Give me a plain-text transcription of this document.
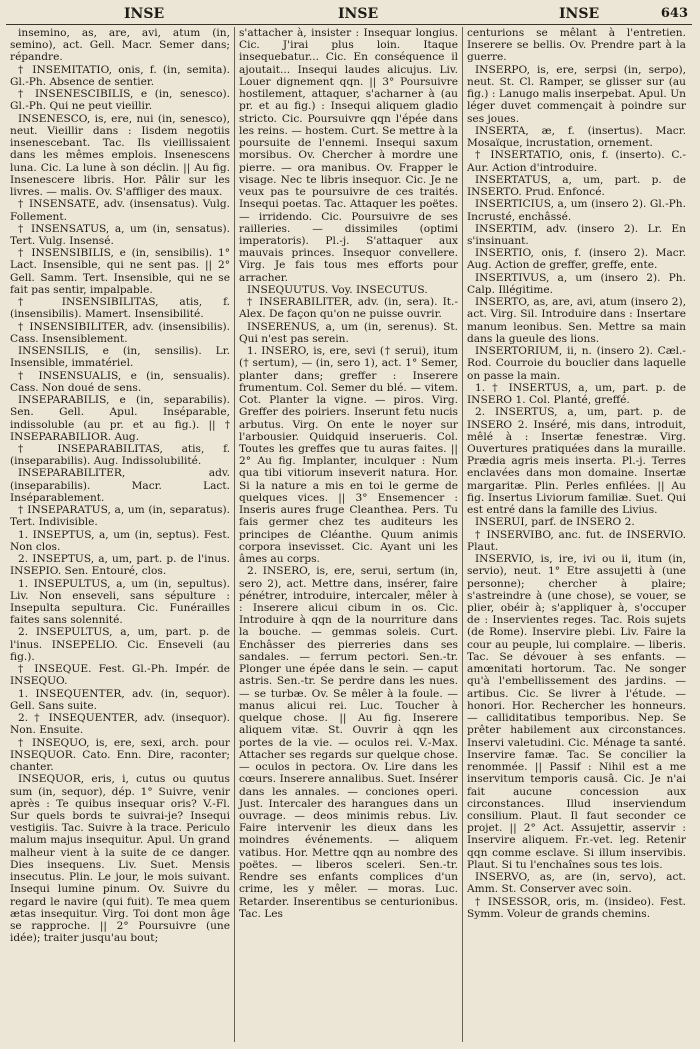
INSE	INSE	INSE	643

insemino, as, are, avi, atum (in, semino), act. Gell. Macr. Semer dans; répandre.

† INSEMITATIO, onis, f. (in, semita). Gl.-Ph. Absence de sentier.

† INSENESCIBILIS, e (in, senesco). Gl.-Ph. Qui ne peut vieillir.

INSENESCO, is, ere, nui (in, senesco), neut. Vieillir dans : Iisdem negotiis insenescebant. Tac. Ils vieillissaient dans les mêmes emplois. Insenescens luna. Cic. La lune à son déclin. || Au fig. Insenescere libris. Hor. Pâlir sur les livres. — malis. Ov. S'affliger des maux.

† INSENSATE, adv. (insensatus). Vulg. Follement.

† INSENSATUS, a, um (in, sensatus). Tert. Vulg. Insensé.

† INSENSIBILIS, e (in, sensibilis). 1° Lact. Insensible, qui ne sent pas. || 2° Gell. Samm. Tert. Insensible, qui ne se fait pas sentir, impalpable.

† INSENSIBILITAS, atis, f. (insensibilis). Mamert. Insensibilité.

† INSENSIBILITER, adv. (insensibilis). Cass. Insensiblement.

INSENSILIS, e (in, sensilis). Lr. Insensible, immatériel.

† INSENSUALIS, e (in, sensualis). Cass. Non doué de sens.

INSEPARABILIS, e (in, separabilis). Sen. Gell. Apul. Inséparable, indissoluble (au pr. et au fig.). || † INSEPARABILIOR. Aug.

† INSEPARABILITAS, atis, f. (inseparabilis). Aug. Indissolubilité.

INSEPARABILITER, adv. (inseparabilis). Macr. Lact. Inséparablement.

† INSEPARATUS, a, um (in, separatus). Tert. Indivisible.

1. INSEPTUS, a, um (in, septus). Fest. Non clos.

2. INSEPTUS, a, um, part. p. de l'inus. INSEPIO. Sen. Entouré, clos.

1. INSEPULTUS, a, um (in, sepultus). Liv. Non enseveli, sans sépulture : Insepulta sepultura. Cic. Funérailles faites sans solennité.

2. INSEPULTUS, a, um, part. p. de l'inus. INSEPELIO. Cic. Enseveli (au fig.).

† INSEQUE. Fest. Gl.-Ph. Impér. de INSEQUO.

1. INSEQUENTER, adv. (in, sequor). Gell. Sans suite.

2. † INSEQUENTER, adv. (insequor). Non. Ensuite.

† INSEQUO, is, ere, sexi, arch. pour INSEQUOR. Cato. Enn. Dire, raconter; chanter.

INSEQUOR, eris, i, cutus ou quutus sum (in, sequor), dép. 1° Suivre, venir après : Te quibus insequar oris? V.-Fl. Sur quels bords te suivrai-je? Insequi vestigiis. Tac. Suivre à la trace. Periculo malum majus insequitur. Apul. Un grand malheur vient à la suite de ce danger. Dies insequens. Liv. Suet. Mensis insecutus. Plin. Le jour, le mois suivant. Insequi lumine pinum. Ov. Suivre du regard le navire (qui fuit). Te mea quem ætas insequitur. Virg. Toi dont mon âge se rapproche. || 2° Poursuivre (une idée); traiter jusqu'au bout;

s'attacher à, insister : Insequar longius. Cic. J'irai plus loin. Itaque insequebatur... Cic. En conséquence il ajoutait... Insequi laudes alicujus. Liv. Louer dignement qqn. || 3° Poursuivre hostilement, attaquer, s'acharner à (au pr. et au fig.) : Insequi aliquem gladio stricto. Cic. Poursuivre qqn l'épée dans les reins. — hostem. Curt. Se mettre à la poursuite de l'ennemi. Insequi saxum morsibus. Ov. Chercher à mordre une pierre. — ora manibus. Ov. Frapper le visage. Nec te libris insequor. Cic. Je ne veux pas te poursuivre de ces traités. Insequi poetas. Tac. Attaquer les poëtes. — irridendo. Cic. Poursuivre de ses railleries. — dissimiles (optimi imperatoris). Pl.-j. S'attaquer aux mauvais princes. Insequor convellere. Virg. Je fais tous mes efforts pour arracher.

INSEQUUTUS. Voy. INSECUTUS.

† INSERABILITER, adv. (in, sera). It.-Alex. De façon qu'on ne puisse ouvrir.

INSERENUS, a, um (in, serenus). St. Qui n'est pas serein.

1. INSERO, is, ere, sevi († serui), itum († sertum), — (in, sero 1), act. 1° Semer, planter dans; greffer : Inserere frumentum. Col. Semer du blé. — vitem. Cot. Planter la vigne. — piros. Virg. Greffer des poiriers. Inserunt fetu nucis arbutus. Virg. On ente le noyer sur l'arbousier. Quidquid inserueris. Col. Toutes les greffes que tu auras faites. || 2° Au fig. Implanter, inculquer : Num qua tibi vitiorum inseverit natura. Hor. Si la nature a mis en toi le germe de quelques vices. || 3° Ensemencer : Inseris aures fruge Cleanthea. Pers. Tu fais germer chez tes auditeurs les principes de Cléanthe. Quum animis corpora insevisset. Cic. Ayant uni les âmes au corps.

2. INSERO, is, ere, serui, sertum (in, sero 2), act. Mettre dans, insérer, faire pénétrer, introduire, intercaler, mêler à : Inserere alicui cibum in os. Cic. Introduire à qqn de la nourriture dans la bouche. — gemmas soleis. Curt. Enchâsser des pierreries dans ses sandales. — ferrum pectori. Sen.-tr. Plonger une épée dans le sein. — caput astris. Sen.-tr. Se perdre dans les nues. — se turbæ. Ov. Se mêler à la foule. — manus alicui rei. Luc. Toucher à quelque chose. || Au fig. Inserere aliquem vitæ. St. Ouvrir à qqn les portes de la vie. — oculos rei. V.-Max. Attacher ses regards sur quelque chose. — oculos in pectora. Ov. Lire dans les cœurs. Inserere annalibus. Suet. Insérer dans les annales. — conciones operi. Just. Intercaler des harangues dans un ouvrage. — deos minimis rebus. Liv. Faire intervenir les dieux dans les moindres événements. — aliquem vatibus. Hor. Mettre qqn au nombre des poëtes. — liberos sceleri. Sen.-tr. Rendre ses enfants complices d'un crime, les y mêler. — moras. Luc. Retarder. Inserentibus se centurionibus. Tac. Les

centurions se mêlant à l'entretien. Inserere se bellis. Ov. Prendre part à la guerre.

INSERPO, is, ere, serpsi (in, serpo), neut. St. Cl. Ramper, se glisser sur (au fig.) : Lanugo malis inserpebat. Apul. Un léger duvet commençait à poindre sur ses joues.

INSERTA, æ, f. (insertus). Macr. Mosaïque, incrustation, ornement.

† INSERTATIO, onis, f. (inserto). C.-Aur. Action d'introduire.

INSERTATUS, a, um, part. p. de INSERTO. Prud. Enfoncé.

INSERTICIUS, a, um (insero 2). Gl.-Ph. Incrusté, enchâssé.

INSERTIM, adv. (insero 2). Lr. En s'insinuant.

INSERTIO, onis, f. (insero 2). Macr. Aug. Action de greffer, greffe, ente.

INSERTIVUS, a, um (insero 2). Ph. Calp. Illégitime.

INSERTO, as, are, avi, atum (insero 2), act. Virg. Sil. Introduire dans : Insertare manum leonibus. Sen. Mettre sa main dans la gueule des lions.

INSERTORIUM, ii, n. (insero 2). Cæl.-Rod. Courroie du bouclier dans laquelle on passe la main.

1. † INSERTUS, a, um, part. p. de INSERO 1. Col. Planté, greffé.

2. INSERTUS, a, um, part. p. de INSERO 2. Inséré, mis dans, introduit, mêlé à : Insertæ fenestræ. Virg. Ouvertures pratiquées dans la muraille. Prædia agris meis inserta. Pl.-j. Terres enclavées dans mon domaine. Insertæ margaritæ. Plin. Perles enfilées. || Au fig. Insertus Liviorum familiæ. Suet. Qui est entré dans la famille des Livius.

INSERUI, parf. de INSERO 2.

† INSERVIBO, anc. fut. de INSERVIO. Plaut.

INSERVIO, is, ire, ivi ou ii, itum (in, servio), neut. 1° Etre assujetti à (une personne); chercher à plaire; s'astreindre à (une chose), se vouer, se plier, obéir à; s'appliquer à, s'occuper de : Inservientes reges. Tac. Rois sujets (de Rome). Inservire plebi. Liv. Faire la cour au peuple, lui complaire. — liberis. Tac. Se dévouer à ses enfants. — amœnitati hortorum. Tac. Ne songer qu'à l'embellissement des jardins. — artibus. Cic. Se livrer à l'étude. — honori. Hor. Rechercher les honneurs. — calliditatibus temporibus. Nep. Se prêter habilement aux circonstances. Inservi valetudini. Cic. Ménage ta santé. Inservire famæ. Tac. Se concilier la renommée. || Passif : Nihil est a me inservitum temporis causâ. Cic. Je n'ai fait aucune concession aux circonstances. Illud inserviendum consilium. Plaut. Il faut seconder ce projet. || 2° Act. Assujettir, asservir : Inservire aliquem. Fr.-vet. leg. Retenir qqn comme esclave. Si illum inservibis. Plaut. Si tu l'enchaînes sous tes lois.

INSERVO, as, are (in, servo), act. Amm. St. Conserver avec soin.

† INSESSOR, oris, m. (insideo). Fest. Symm. Voleur de grands chemins.
